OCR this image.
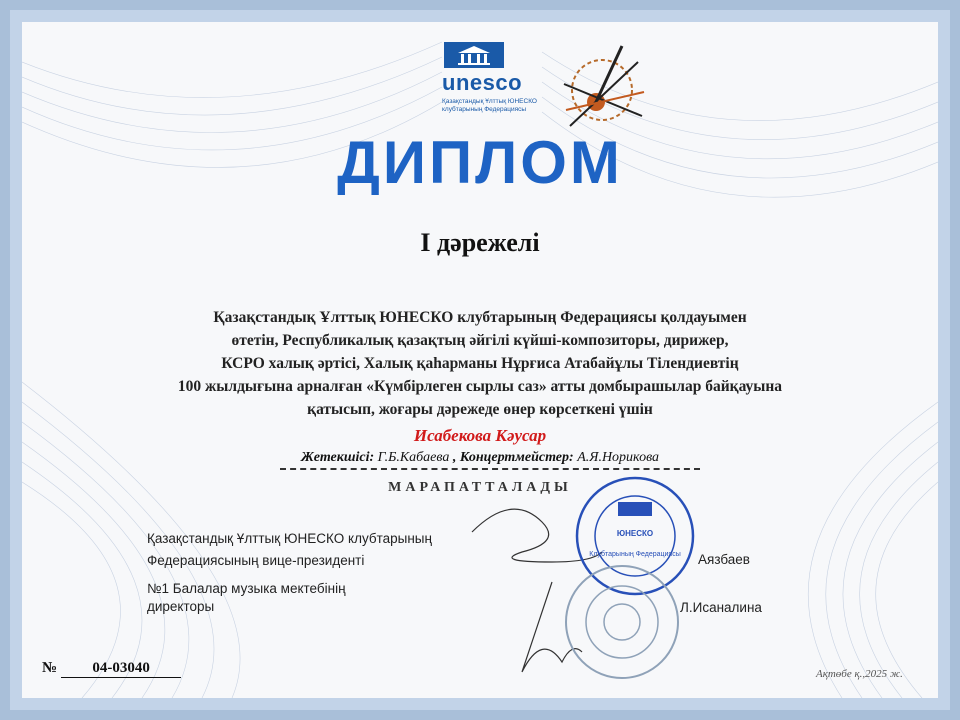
unesco
Қазақстандық Ұлттық ЮНЕСКО клубтарының Федерациясы
ДИПЛОМ
I дәрежелі
Қазақстандық Ұлттық ЮНЕСКО клубтарының Федерациясы қолдауымен
өтетін, Республикалық қазақтың әйгілі күйші-композиторы, дирижер,
КСРО халық әртісі, Халық қаһарманы Нұрғиса Атабайұлы Тілендиевтің
100 жылдығына арналған «Күмбірлеген сырлы саз» атты домбырашылар байқауына
қатысып, жоғары дәрежеде өнер көрсеткені үшін
Исабекова Кәусар
Жетекшісі: Г.Б.Кабаева , Концертмейстер: А.Я.Норикова
МАРАПАТТАЛАДЫ
Қазақстандық Ұлттық ЮНЕСКО клубтарының
Федерациясының вице-президенті	Аязбаев
№1 Балалар музыка мектебінің
директоры	Л.Исаналина
ЮНЕСКО
Клубтарының Федерациясы
№ 04-03040	Ақтөбе қ.,2025 ж.
